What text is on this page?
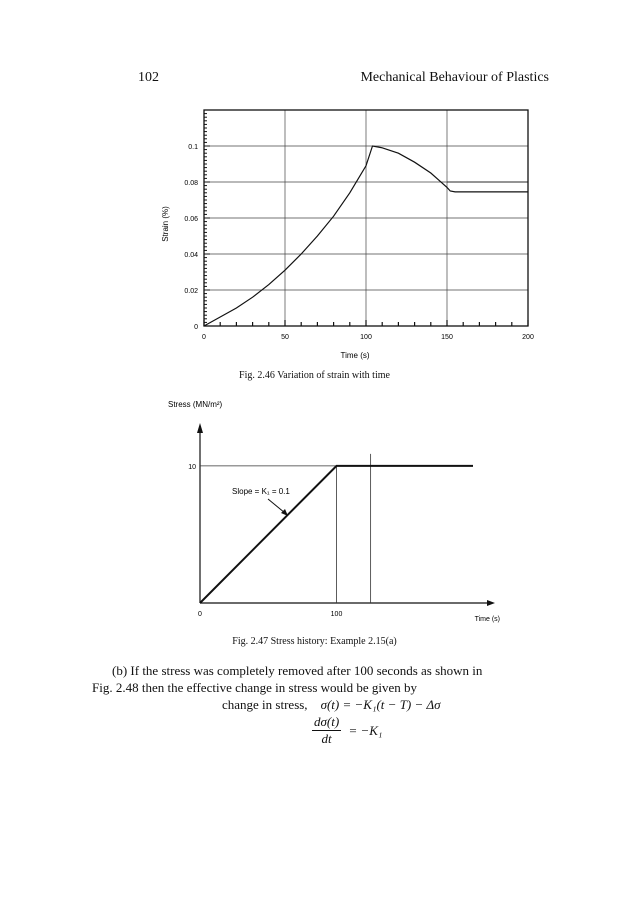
102	Mechanical Behaviour of Plastics
0	50	100	150	200
0
0.02
0.04
0.06
0.08
0.1
Time (s)
Strain (%)
Fig. 2.46 Variation of strain with time
Stress (MN/m²)
10
0	100
Slope = K₁ = 0.1
Time (s)
Fig. 2.47 Stress history: Example 2.15(a)
(b) If the stress was completely removed after 100 seconds as shown in
Fig. 2.48 then the effective change in stress would be given by
change in stress, σ(t) = −K₁(t − T) − Δσ
$\frac{d\sigma(t)}{dt} = -K_1$
